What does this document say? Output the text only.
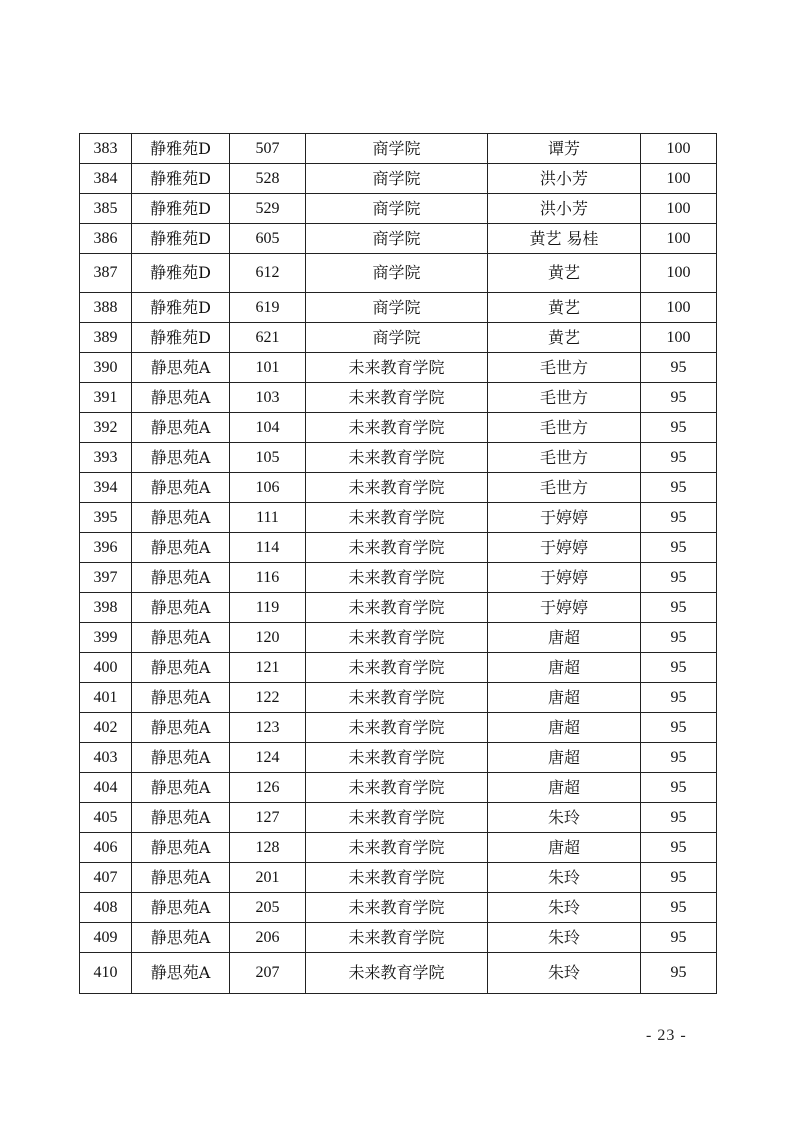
383	静雅苑D	507	商学院	谭芳	100
384	静雅苑D	528	商学院	洪小芳	100
385	静雅苑D	529	商学院	洪小芳	100
386	静雅苑D	605	商学院	黄艺 易桂	100
387	静雅苑D	612	商学院	黄艺	100
388	静雅苑D	619	商学院	黄艺	100
389	静雅苑D	621	商学院	黄艺	100
390	静思苑A	101	未来教育学院	毛世方	95
391	静思苑A	103	未来教育学院	毛世方	95
392	静思苑A	104	未来教育学院	毛世方	95
393	静思苑A	105	未来教育学院	毛世方	95
394	静思苑A	106	未来教育学院	毛世方	95
395	静思苑A	111	未来教育学院	于婷婷	95
396	静思苑A	114	未来教育学院	于婷婷	95
397	静思苑A	116	未来教育学院	于婷婷	95
398	静思苑A	119	未来教育学院	于婷婷	95
399	静思苑A	120	未来教育学院	唐超	95
400	静思苑A	121	未来教育学院	唐超	95
401	静思苑A	122	未来教育学院	唐超	95
402	静思苑A	123	未来教育学院	唐超	95
403	静思苑A	124	未来教育学院	唐超	95
404	静思苑A	126	未来教育学院	唐超	95
405	静思苑A	127	未来教育学院	朱玲	95
406	静思苑A	128	未来教育学院	唐超	95
407	静思苑A	201	未来教育学院	朱玲	95
408	静思苑A	205	未来教育学院	朱玲	95
409	静思苑A	206	未来教育学院	朱玲	95
410	静思苑A	207	未来教育学院	朱玲	95
- 23 -
